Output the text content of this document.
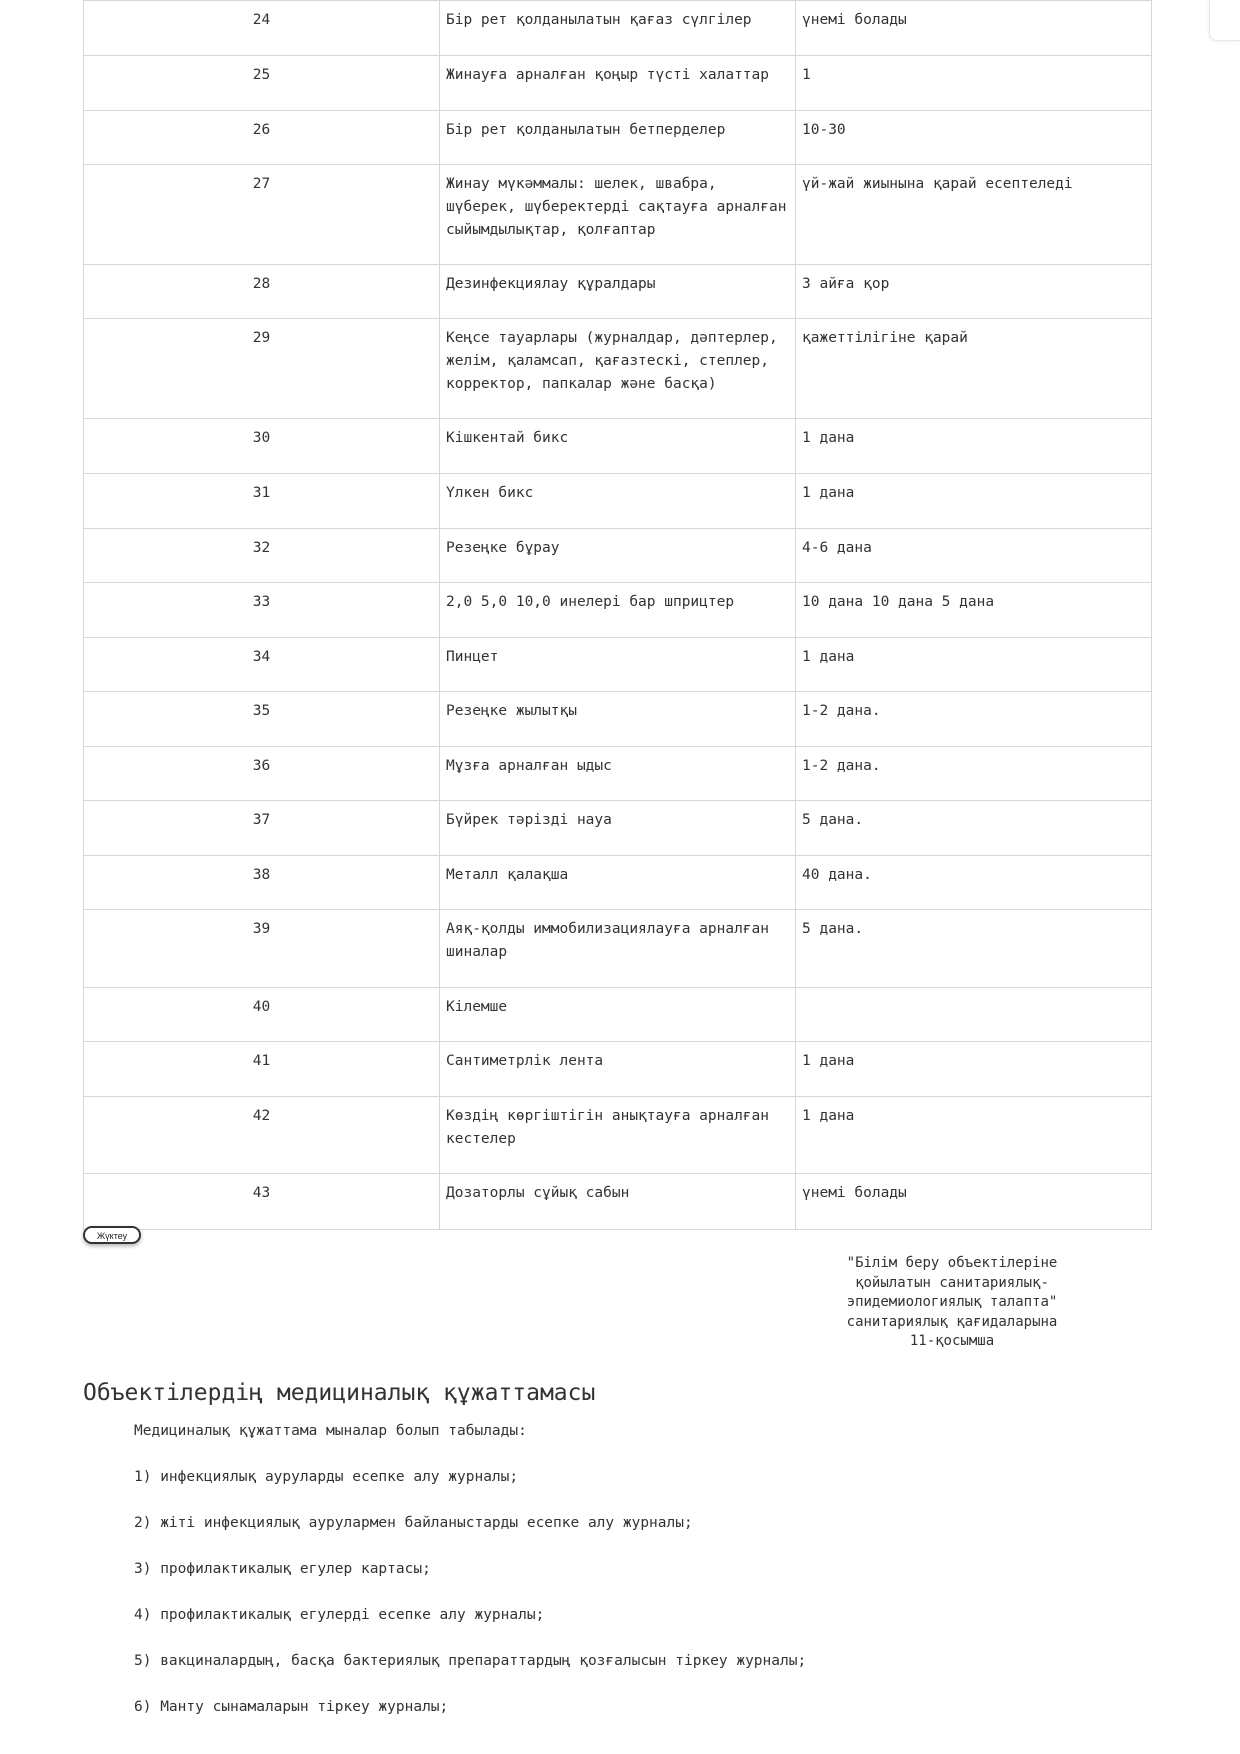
24	Бір рет қолданылатын қағаз сүлгілер	үнемі болады
25	Жинауға арналған қоңыр түсті халаттар	1
26	Бір рет қолданылатын бетперделер	10-30
27	Жинау мүкәммалы: шелек, швабра, шүберек, шүберектерді сақтауға арналған сыйымдылықтар, қолғаптар	үй-жай жиынына қарай есептеледі
28	Дезинфекциялау құралдары	3 айға қор
29	Кеңсе тауарлары (журналдар, дәптерлер, желім, қаламсап, қағазтескі, степлер, корректор, папкалар және басқа)	қажеттілігіне қарай
30	Кішкентай бикс	1 дана
31	Үлкен бикс	1 дана
32	Резеңке бұрау	4-6 дана
33	2,0 5,0 10,0 инелері бар шприцтер	10 дана 10 дана 5 дана
34	Пинцет	1 дана
35	Резеңке жылытқы	1-2 дана.
36	Мұзға арналған ыдыс	1-2 дана.
37	Бүйрек тәрізді науа	5 дана.
38	Металл қалақша	40 дана.
39	Аяқ-қолды иммобилизациялауға арналған шиналар	5 дана.
40	Кілемше	
41	Сантиметрлік лента	1 дана
42	Көздің көргіштігін анықтауға арналған кестелер	1 дана
43	Дозаторлы сұйық сабын	үнемі болады
Жүктеу
"Білім беру объектілеріне
қойылатын санитариялық-
эпидемиологиялық талапта"
санитариялық қағидаларына
11-қосымша
Объектілердің медициналық құжаттамасы

Медициналық құжаттама мыналар болып табылады:

1) инфекциялық ауруларды есепке алу журналы;

2) жіті инфекциялық аурулармен байланыстарды есепке алу журналы;

3) профилактикалық егулер картасы;

4) профилактикалық егулерді есепке алу журналы;

5) вакциналардың, басқа бактериялық препараттардың қозғалысын тіркеу журналы;

6) Манту сынамаларын тіркеу журналы;
